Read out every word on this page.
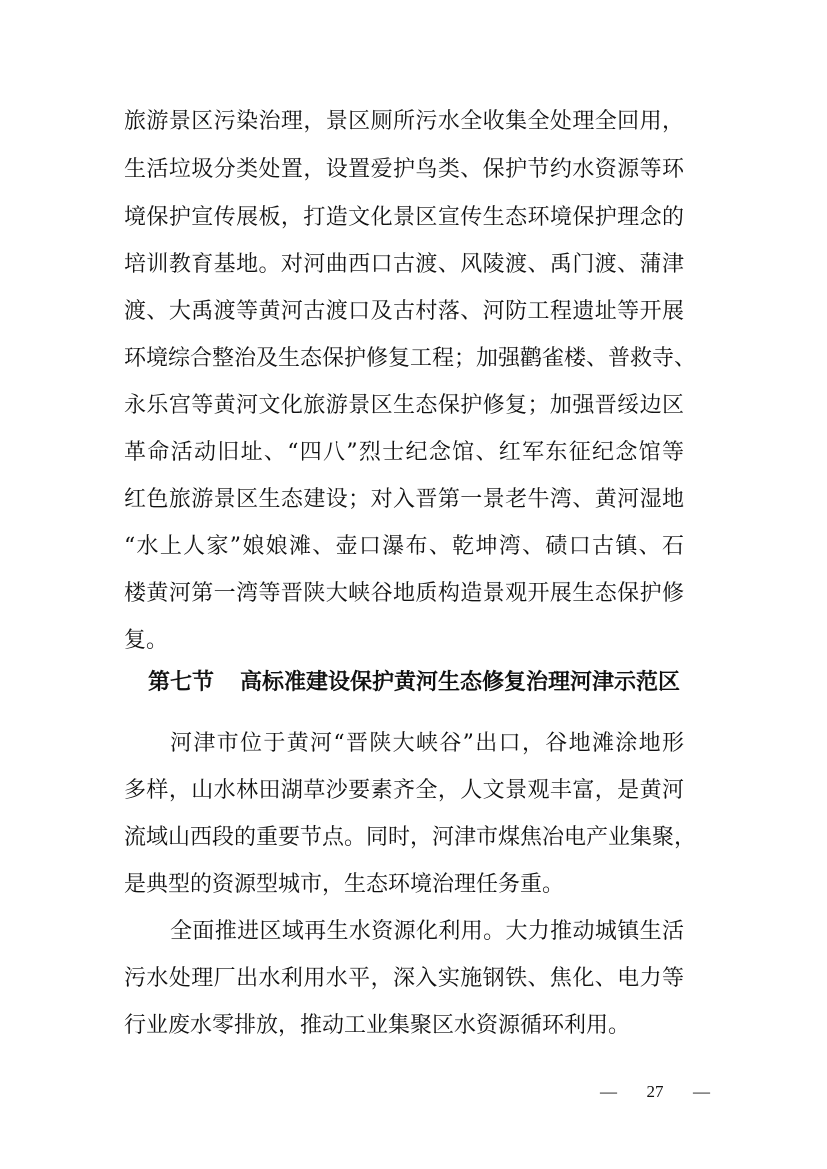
旅游景区污染治理，景区厕所污水全收集全处理全回用，
生活垃圾分类处置，设置爱护鸟类、保护节约水资源等环
境保护宣传展板，打造文化景区宣传生态环境保护理念的
培训教育基地。对河曲西口古渡、风陵渡、禹门渡、蒲津
渡、大禹渡等黄河古渡口及古村落、河防工程遗址等开展
环境综合整治及生态保护修复工程；加强鹳雀楼、普救寺、
永乐宫等黄河文化旅游景区生态保护修复；加强晋绥边区
革命活动旧址、“四八”烈士纪念馆、红军东征纪念馆等
红色旅游景区生态建设；对入晋第一景老牛湾、黄河湿地
“水上人家”娘娘滩、壶口瀑布、乾坤湾、碛口古镇、石
楼黄河第一湾等晋陕大峡谷地质构造景观开展生态保护修
复。
第七节 高标准建设保护黄河生态修复治理河津示范区
河津市位于黄河“晋陕大峡谷”出口，谷地滩涂地形
多样，山水林田湖草沙要素齐全，人文景观丰富，是黄河
流域山西段的重要节点。同时，河津市煤焦冶电产业集聚，
是典型的资源型城市，生态环境治理任务重。
全面推进区域再生水资源化利用。大力推动城镇生活
污水处理厂出水利用水平，深入实施钢铁、焦化、电力等
行业废水零排放，推动工业集聚区水资源循环利用。
— 27 —
